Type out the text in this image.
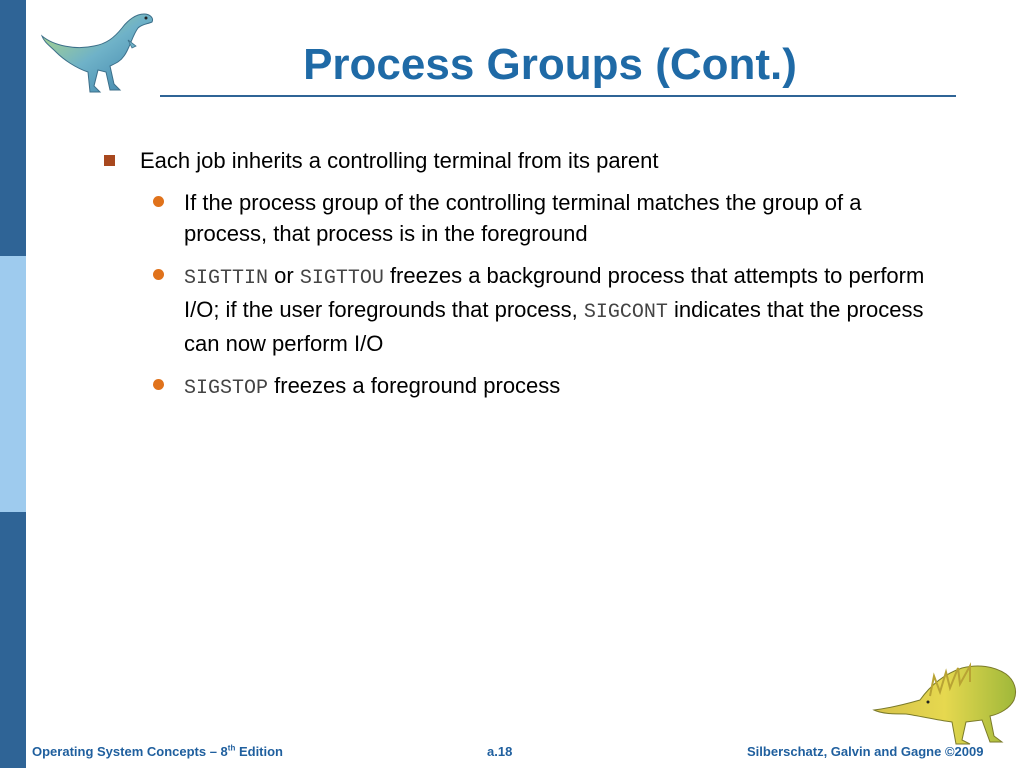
Process Groups (Cont.)
Each job inherits a controlling terminal from its parent
If the process group of the controlling terminal matches the group of a process, that process is in the foreground
SIGTTIN or SIGTTOU freezes a background process that attempts to perform I/O; if the user foregrounds that process, SIGCONT indicates that the process can now perform I/O
SIGSTOP freezes a foreground process
Operating System Concepts – 8th Edition	a.18	Silberschatz, Galvin and Gagne ©2009
